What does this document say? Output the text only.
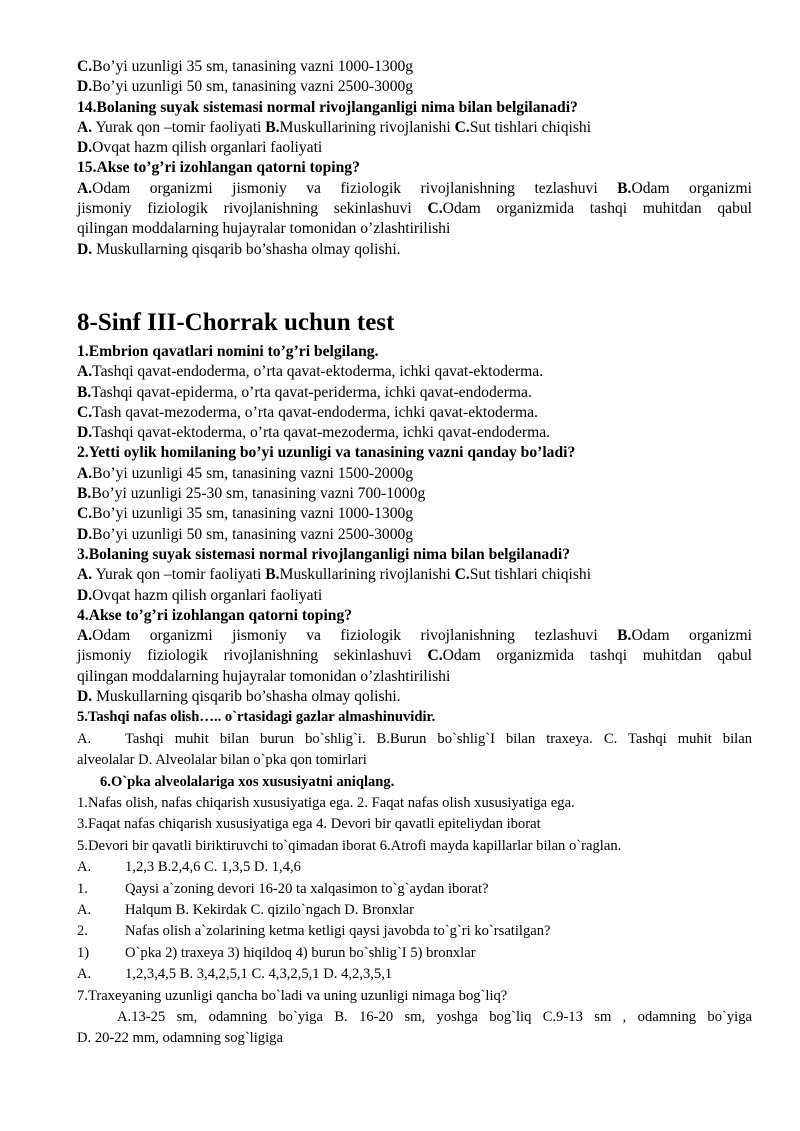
C.Bo’yi uzunligi 35 sm, tanasining vazni 1000-1300g
D.Bo’yi uzunligi 50 sm, tanasining vazni 2500-3000g
14.Bolaning suyak sistemasi normal rivojlanganligi nima bilan belgilanadi?
A. Yurak qon –tomir faoliyati B.Muskullarining rivojlanishi C.Sut tishlari chiqishi
D.Ovqat hazm qilish organlari faoliyati
15.Akse to’g’ri izohlangan qatorni toping?
A.Odam organizmi jismoniy va fiziologik rivojlanishning tezlashuvi B.Odam organizmi
jismoniy fiziologik rivojlanishning sekinlashuvi C.Odam organizmida tashqi muhitdan qabul
qilingan moddalarning hujayralar tomonidan o’zlashtirilishi
D. Muskullarning qisqarib bo’shasha olmay qolishi.
8-Sinf III-Chorrak uchun test
1.Embrion qavatlari nomini to’g’ri belgilang.
A.Tashqi qavat-endoderma, o’rta qavat-ektoderma, ichki qavat-ektoderma.
B.Tashqi qavat-epiderma, o’rta qavat-periderma, ichki qavat-endoderma.
C.Tash qavat-mezoderma, o’rta qavat-endoderma, ichki qavat-ektoderma.
D.Tashqi qavat-ektoderma, o’rta qavat-mezoderma, ichki qavat-endoderma.
2.Yetti oylik homilaning bo’yi uzunligi va tanasining vazni qanday bo’ladi?
A.Bo’yi uzunligi 45 sm, tanasining vazni 1500-2000g
B.Bo’yi uzunligi 25-30 sm, tanasining vazni 700-1000g
C.Bo’yi uzunligi 35 sm, tanasining vazni 1000-1300g
D.Bo’yi uzunligi 50 sm, tanasining vazni 2500-3000g
3.Bolaning suyak sistemasi normal rivojlanganligi nima bilan belgilanadi?
A. Yurak qon –tomir faoliyati B.Muskullarining rivojlanishi C.Sut tishlari chiqishi
D.Ovqat hazm qilish organlari faoliyati
4.Akse to’g’ri izohlangan qatorni toping?
A.Odam organizmi jismoniy va fiziologik rivojlanishning tezlashuvi B.Odam organizmi
jismoniy fiziologik rivojlanishning sekinlashuvi C.Odam organizmida tashqi muhitdan qabul
qilingan moddalarning hujayralar tomonidan o’zlashtirilishi
D. Muskullarning qisqarib bo’shasha olmay qolishi.
5.Tashqi nafas olish….. o`rtasidagi gazlar almashinuvidir.
A. Tashqi muhit bilan burun bo`shlig`i. B.Burun bo`shlig`I bilan traxeya. C. Tashqi muhit bilan
alveolalar D. Alveolalar bilan o`pka qon tomirlari
6.O`pka alveolalariga xos xususiyatni aniqlang.
1.Nafas olish, nafas chiqarish xususiyatiga ega. 2. Faqat nafas olish xususiyatiga ega.
3.Faqat nafas chiqarish xususiyatiga ega 4. Devori bir qavatli epiteliydan iborat
5.Devori bir qavatli biriktiruvchi to`qimadan iborat 6.Atrofi mayda kapillarlar bilan o`raglan.
A. 1,2,3 B.2,4,6 C. 1,3,5 D. 1,4,6
1.	Qaysi a`zoning devori 16-20 ta xalqasimon to`g`aydan iborat?
A. Halqum B. Kekirdak C. qizilo`ngach D. Bronxlar
2.	Nafas olish a`zolarining ketma ketligi qaysi javobda to`g`ri ko`rsatilgan?
1) O`pka 2) traxeya 3) hiqildoq 4) burun bo`shlig`I 5) bronxlar
A. 1,2,3,4,5 B. 3,4,2,5,1 C. 4,3,2,5,1 D. 4,2,3,5,1
7.Traxeyaning uzunligi qancha bo`ladi va uning uzunligi nimaga bog`liq?
A.13-25 sm, odamning bo`yiga B. 16-20 sm, yoshga bog`liq C.9-13 sm , odamning bo`yiga
D. 20-22 mm, odamning sog`ligiga
